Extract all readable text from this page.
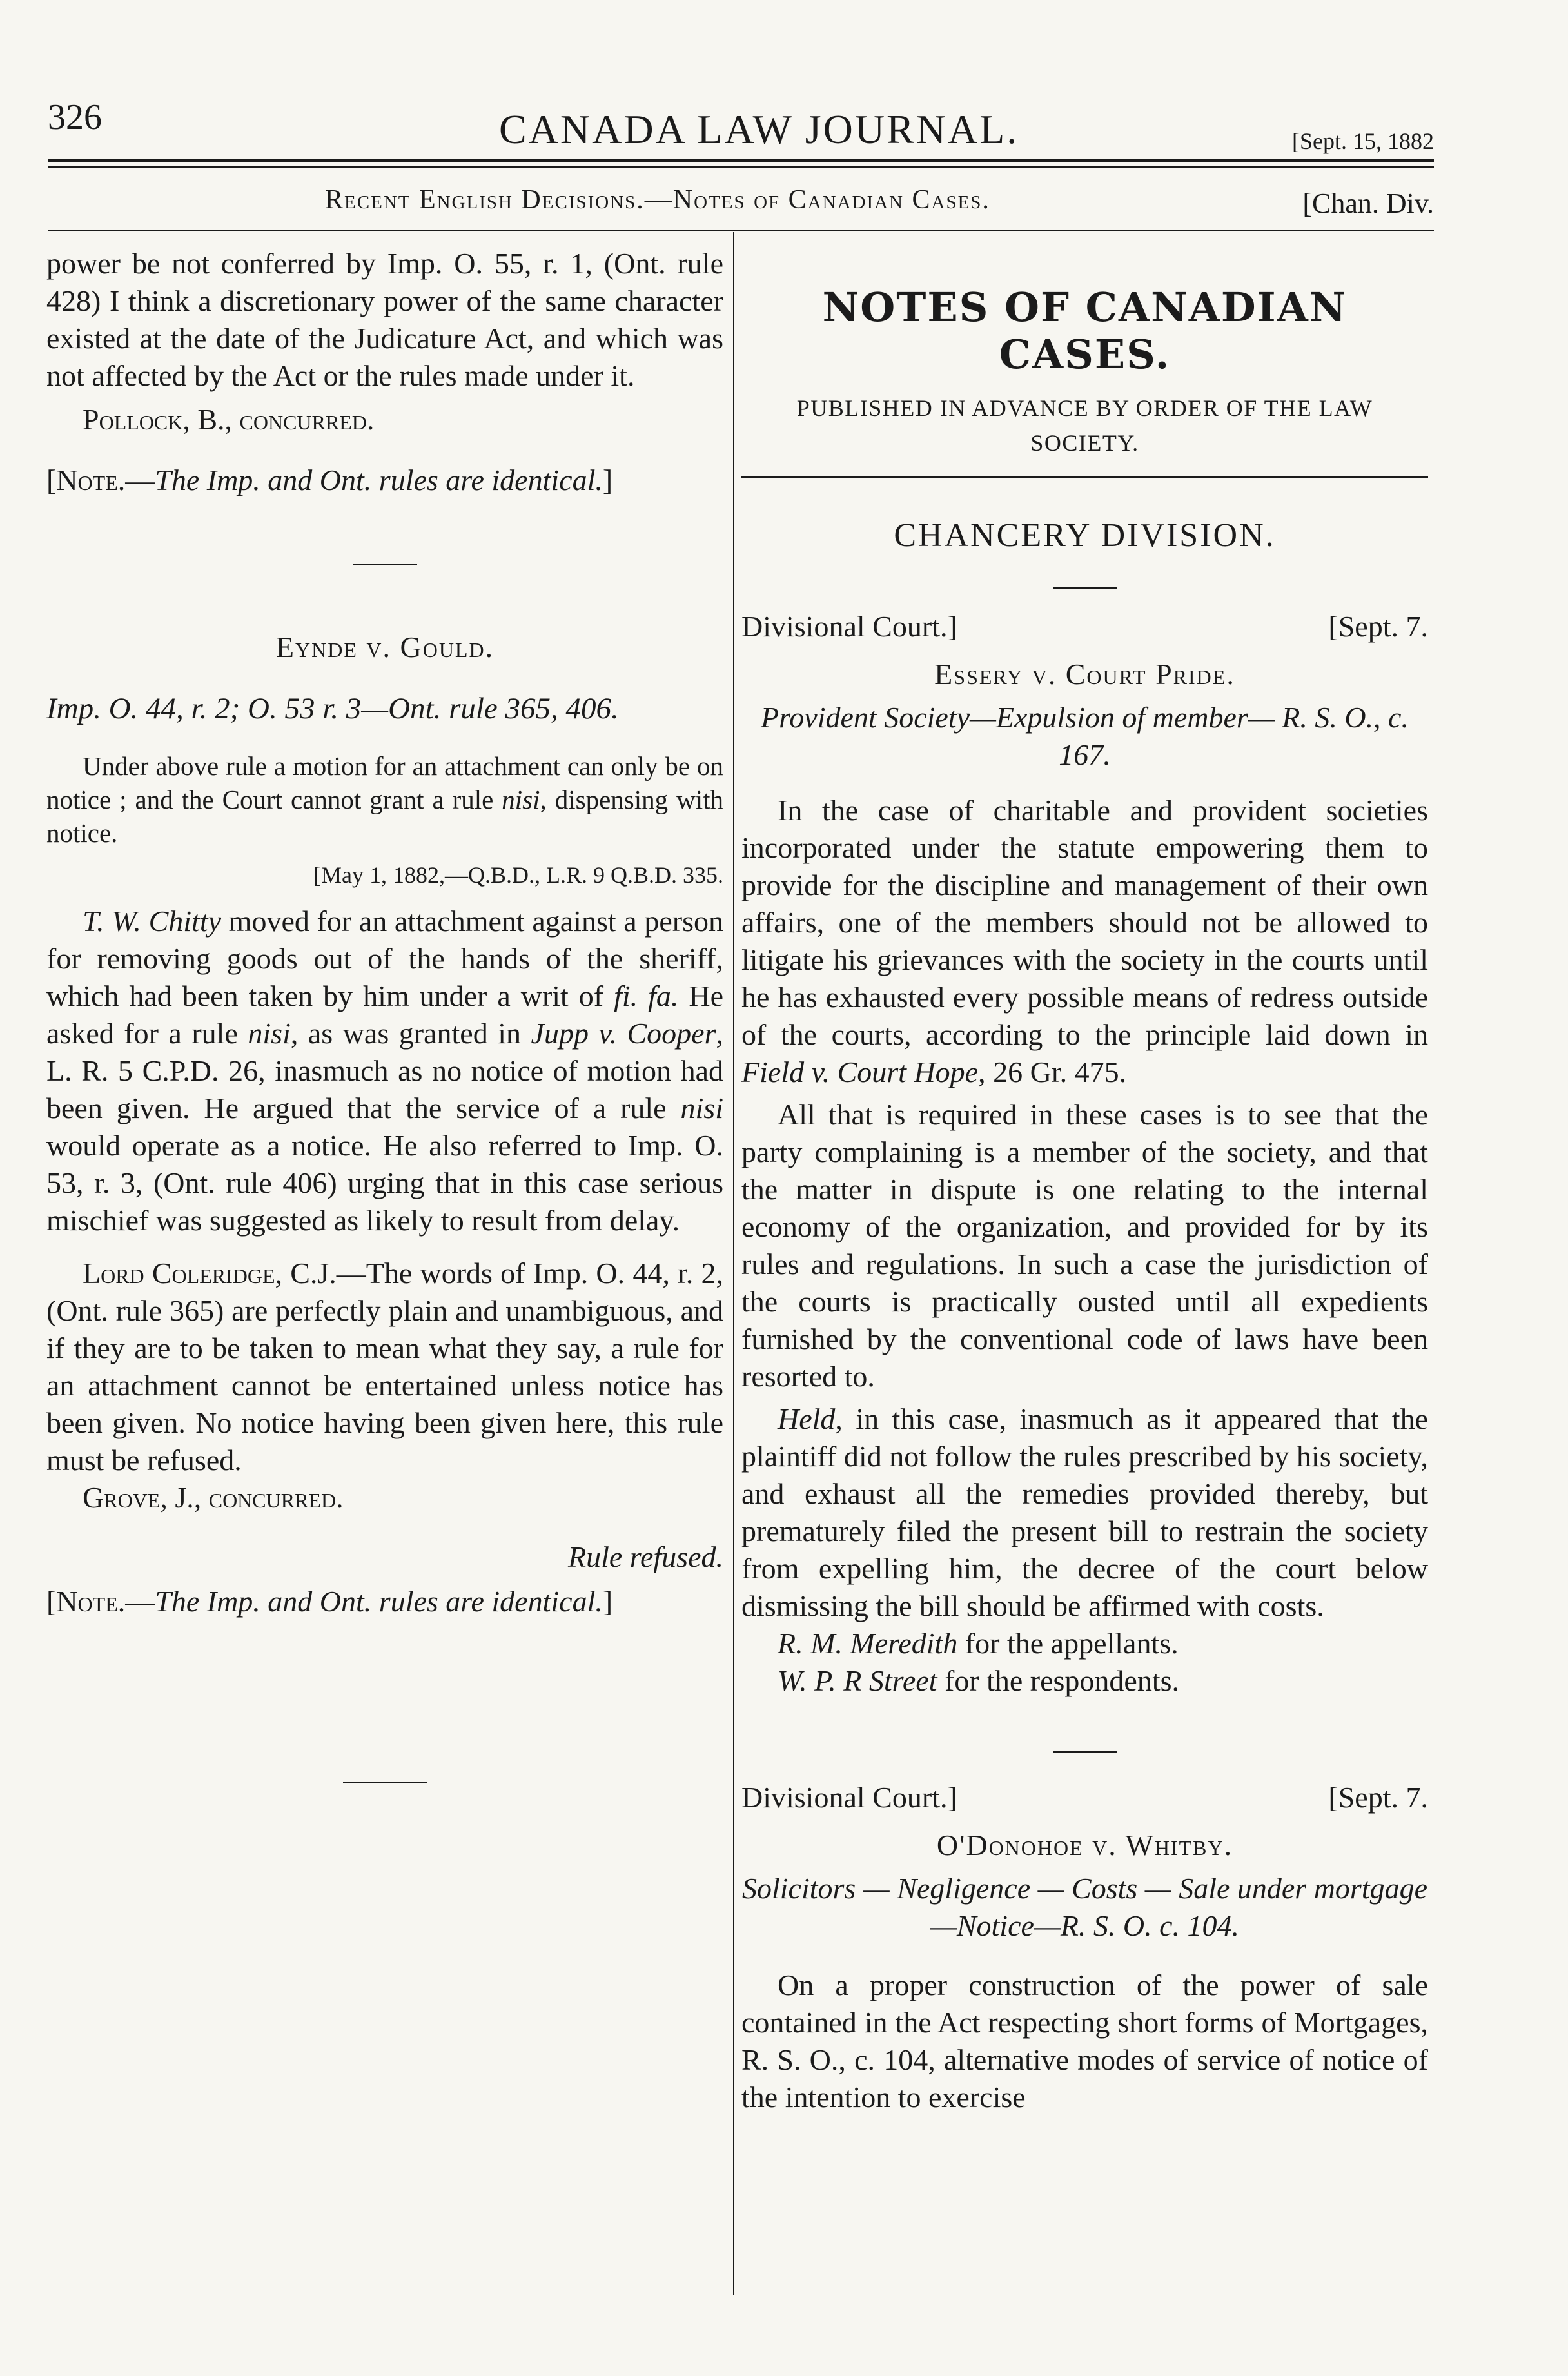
326	CANADA LAW JOURNAL.	[Sept. 15, 1882
Recent English Decisions.—Notes of Canadian Cases.	[Chan. Div.

power be not conferred by Imp. O. 55, r. 1, (Ont. rule 428) I think a discretionary power of the same character existed at the date of the Judicature Act, and which was not affected by the Act or the rules made under it.

Pollock, B., concurred.

[Note.—The Imp. and Ont. rules are identical.]

Eynde v. Gould.

Imp. O. 44, r. 2; O. 53 r. 3—Ont. rule 365, 406.

Under above rule a motion for an attachment can only be on notice ; and the Court cannot grant a rule nisi, dispensing with notice.

[May 1, 1882,—Q.B.D., L.R. 9 Q.B.D. 335.

T. W. Chitty moved for an attachment against a person for removing goods out of the hands of the sheriff, which had been taken by him under a writ of fi. fa. He asked for a rule nisi, as was granted in Jupp v. Cooper, L. R. 5 C.P.D. 26, inasmuch as no notice of motion had been given. He argued that the service of a rule nisi would operate as a notice. He also referred to Imp. O. 53, r. 3, (Ont. rule 406) urging that in this case serious mischief was suggested as likely to result from delay.

Lord Coleridge, C.J.—The words of Imp. O. 44, r. 2, (Ont. rule 365) are perfectly plain and unambiguous, and if they are to be taken to mean what they say, a rule for an attachment cannot be entertained unless notice has been given. No notice having been given here, this rule must be refused.

Grove, J., concurred.

Rule refused.

[Note.—The Imp. and Ont. rules are identical.]

NOTES OF CANADIAN CASES.

PUBLISHED IN ADVANCE BY ORDER OF THE LAW SOCIETY.

CHANCERY DIVISION.

Divisional Court.]	[Sept. 7.

Essery v. Court Pride.

Provident Society—Expulsion of member— R. S. O., c. 167.

In the case of charitable and provident societies incorporated under the statute empowering them to provide for the discipline and management of their own affairs, one of the members should not be allowed to litigate his grievances with the society in the courts until he has exhausted every possible means of redress outside of the courts, according to the principle laid down in Field v. Court Hope, 26 Gr. 475.

All that is required in these cases is to see that the party complaining is a member of the society, and that the matter in dispute is one relating to the internal economy of the organization, and provided for by its rules and regulations. In such a case the jurisdiction of the courts is practically ousted until all expedients furnished by the conventional code of laws have been resorted to.

Held, in this case, inasmuch as it appeared that the plaintiff did not follow the rules prescribed by his society, and exhaust all the remedies provided thereby, but prematurely filed the present bill to restrain the society from expelling him, the decree of the court below dismissing the bill should be affirmed with costs.

R. M. Meredith for the appellants.

W. P. R Street for the respondents.

Divisional Court.]	[Sept. 7.

O'Donohoe v. Whitby.

Solicitors — Negligence — Costs — Sale under mortgage—Notice—R. S. O. c. 104.

On a proper construction of the power of sale contained in the Act respecting short forms of Mortgages, R. S. O., c. 104, alternative modes of service of notice of the intention to exercise
